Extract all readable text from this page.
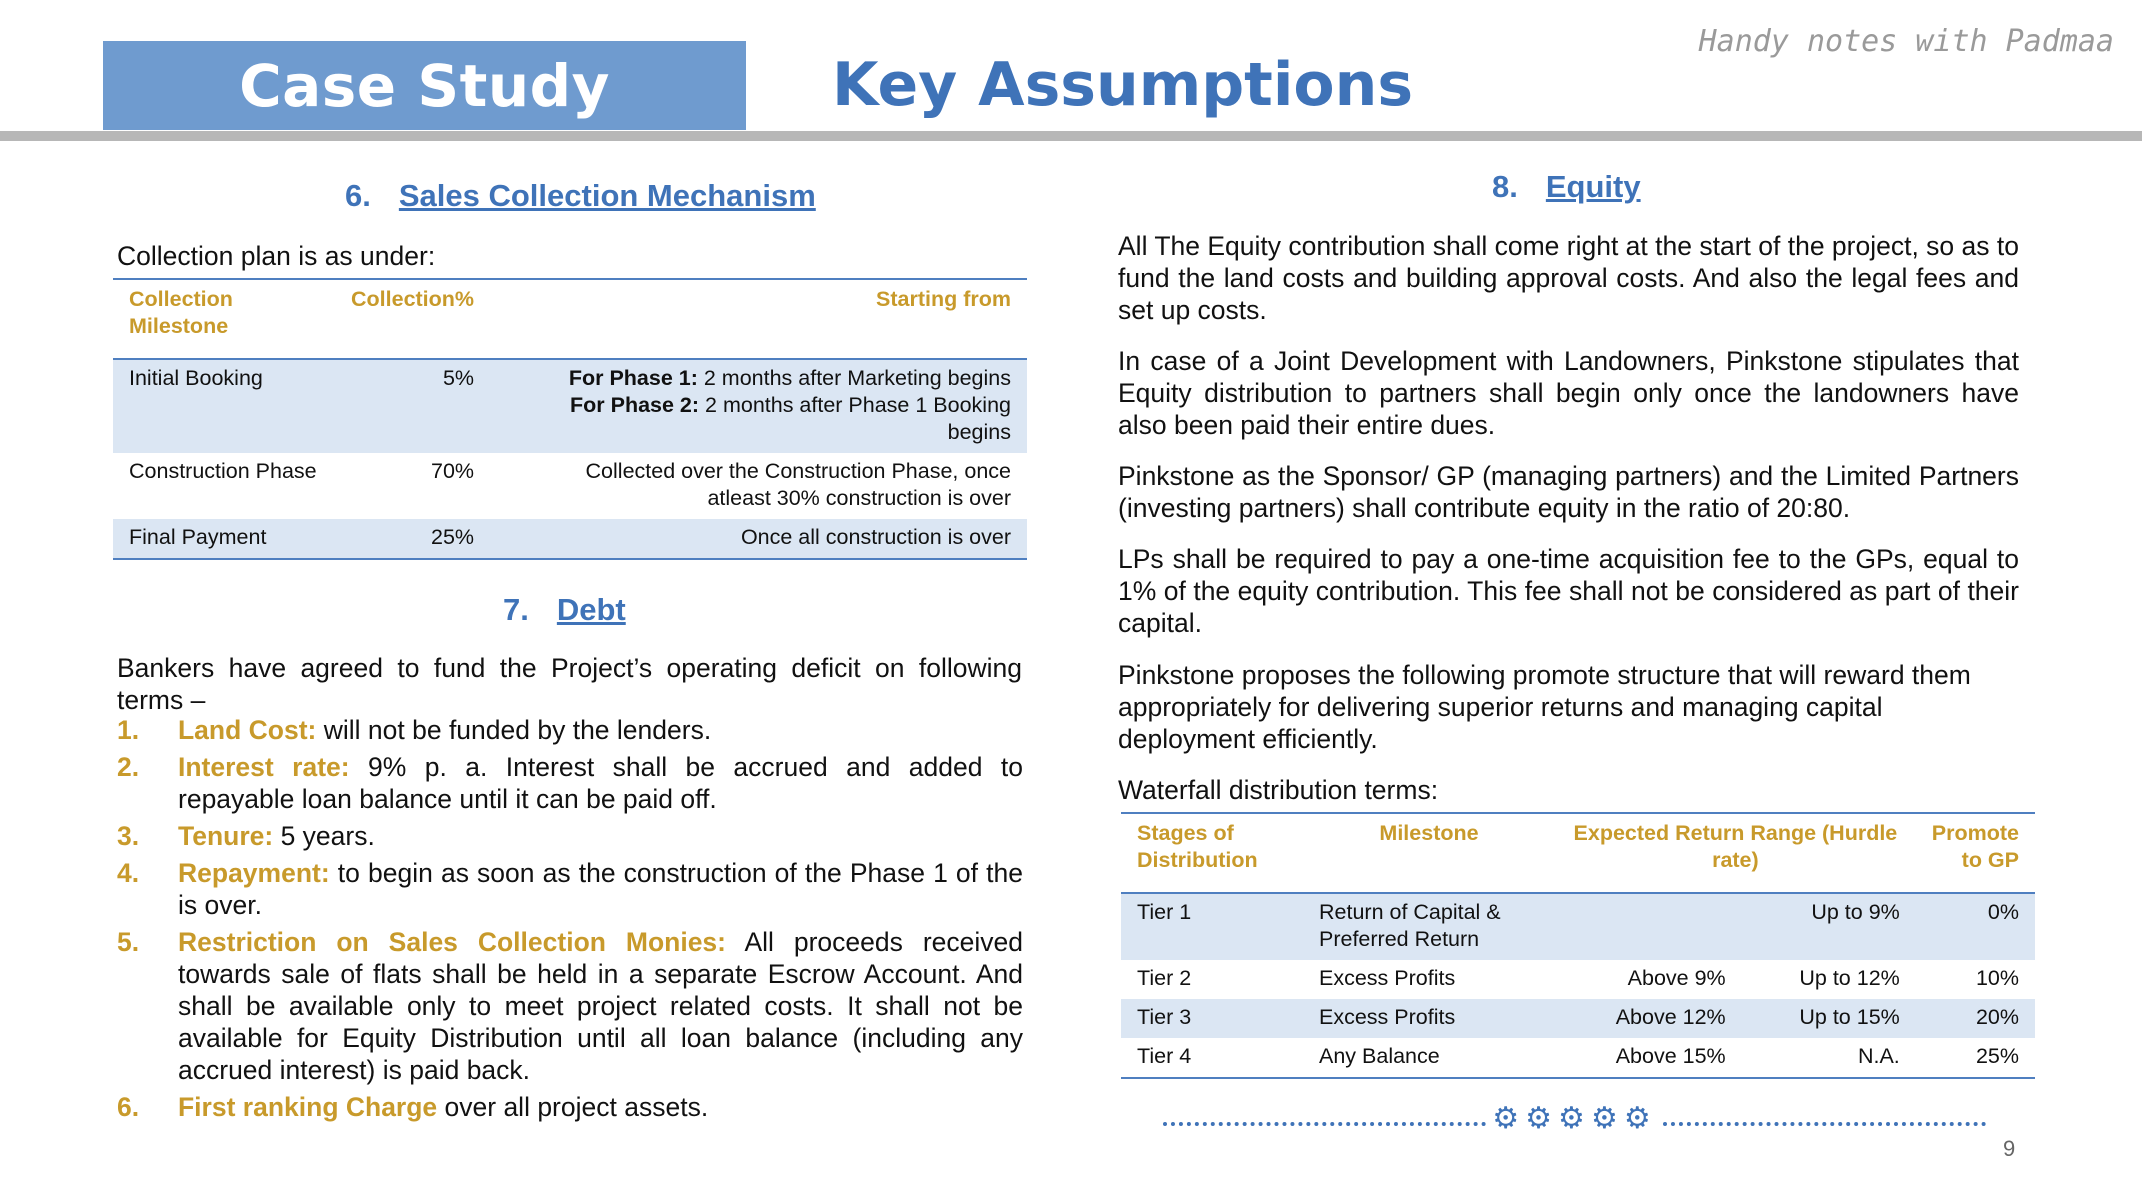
Case Study	Key Assumptions
Handy notes with Padmaa
6. Sales Collection Mechanism

Collection plan is as under:

Collection Milestone	Collection%	Starting from
Initial Booking	5%	For Phase 1: 2 months after Marketing begins
For Phase 2: 2 months after Phase 1 Booking begins

Construction Phase	70%	Collected over the Construction Phase, once atleast 30% construction is over
Final Payment	25%	Once all construction is over
7. Debt

Bankers have agreed to fund the Project’s operating deficit on following terms –

1.	Land Cost: will not be funded by the lenders.
2.	Interest rate: 9% p. a. Interest shall be accrued and added to repayable loan balance until it can be paid off.
3.	Tenure: 5 years.
4.	Repayment: to begin as soon as the construction of the Phase 1 of the is over.
5.	Restriction on Sales Collection Monies: All proceeds received towards sale of flats shall be held in a separate Escrow Account. And shall be available only to meet project related costs. It shall not be available for Equity Distribution until all loan balance (including any accrued interest) is paid back.
6.	First ranking Charge over all project assets.
8. Equity

All The Equity contribution shall come right at the start of the project, so as to fund the land costs and building approval costs. And also the legal fees and set up costs.

In case of a Joint Development with Landowners, Pinkstone stipulates that Equity distribution to partners shall begin only once the landowners have also been paid their entire dues.

Pinkstone as the Sponsor/ GP (managing partners) and the Limited Partners (investing partners) shall contribute equity in the ratio of 20:80.

LPs shall be required to pay a one-time acquisition fee to the GPs, equal to 1% of the equity contribution. This fee shall not be considered as part of their capital.

Pinkstone proposes the following promote structure that will reward them appropriately for delivering superior returns and managing capital deployment efficiently.

Waterfall distribution terms:

Stages of Distribution	Milestone	Expected Return Range (Hurdle rate)		Promote to GP
Tier 1	Return of Capital & Preferred Return		Up to 9%	0%
Tier 2	Excess Profits	Above 9%	Up to 12%	10%
Tier 3	Excess Profits	Above 12%	Up to 15%	20%
Tier 4	Any Balance	Above 15%	N.A.	25%
⚙⚙⚙⚙⚙
9
